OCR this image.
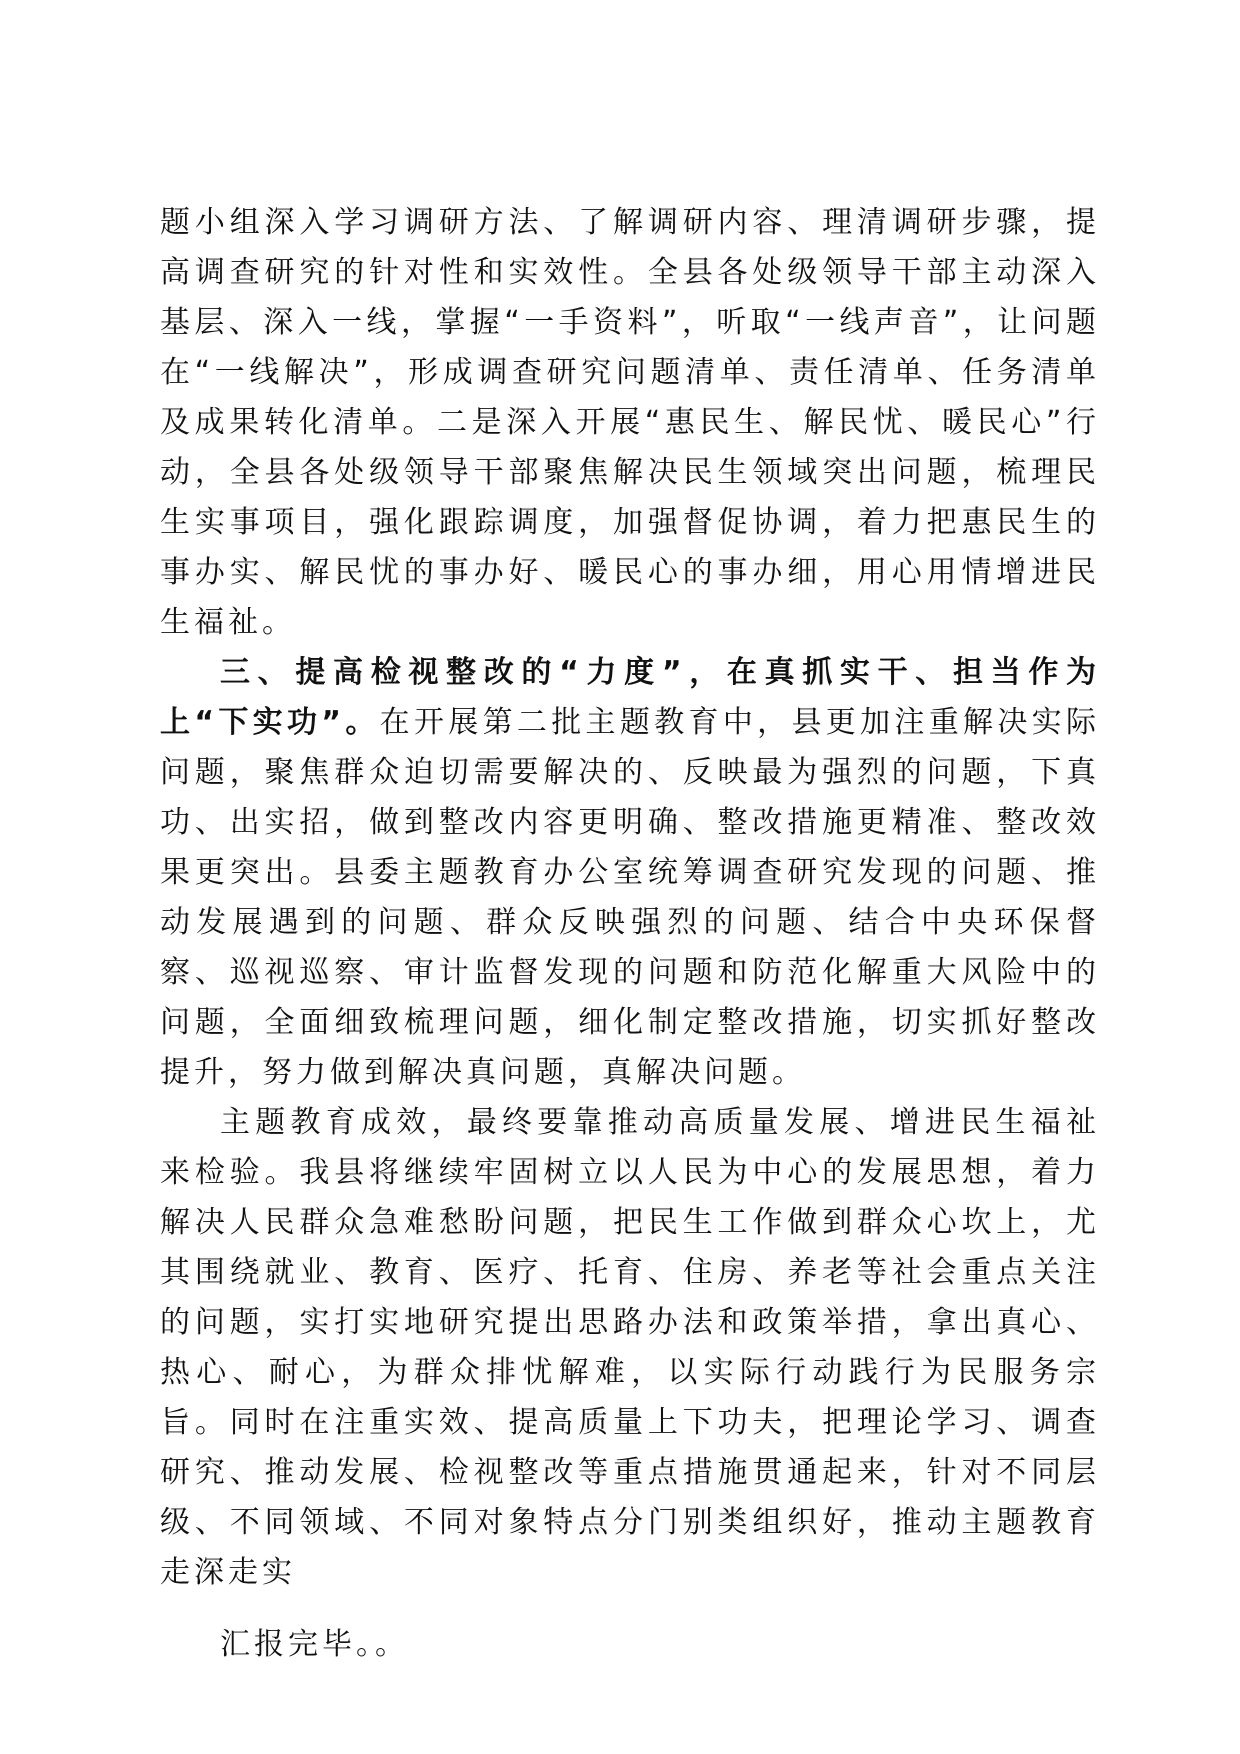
题小组深入学习调研方法、了解调研内容、理清调研步骤，提高调查研究的针对性和实效性。全县各处级领导干部主动深入基层、深入一线，掌握“一手资料”，听取“一线声音”，让问题在“一线解决”，形成调查研究问题清单、责任清单、任务清单及成果转化清单。二是深入开展“惠民生、解民忧、暖民心”行动，全县各处级领导干部聚焦解决民生领域突出问题，梳理民生实事项目，强化跟踪调度，加强督促协调，着力把惠民生的事办实、解民忧的事办好、暖民心的事办细，用心用情增进民生福祉。

三、提高检视整改的“力度”，在真抓实干、担当作为上“下实功”。在开展第二批主题教育中，县更加注重解决实际问题，聚焦群众迫切需要解决的、反映最为强烈的问题，下真功、出实招，做到整改内容更明确、整改措施更精准、整改效果更突出。县委主题教育办公室统筹调查研究发现的问题、推动发展遇到的问题、群众反映强烈的问题、结合中央环保督察、巡视巡察、审计监督发现的问题和防范化解重大风险中的问题，全面细致梳理问题，细化制定整改措施，切实抓好整改提升，努力做到解决真问题，真解决问题。

主题教育成效，最终要靠推动高质量发展、增进民生福祉来检验。我县将继续牢固树立以人民为中心的发展思想，着力解决人民群众急难愁盼问题，把民生工作做到群众心坎上，尤其围绕就业、教育、医疗、托育、住房、养老等社会重点关注的问题，实打实地研究提出思路办法和政策举措，拿出真心、热心、耐心，为群众排忧解难，以实际行动践行为民服务宗旨。同时在注重实效、提高质量上下功夫，把理论学习、调查研究、推动发展、检视整改等重点措施贯通起来，针对不同层级、不同领域、不同对象特点分门别类组织好，推动主题教育走深走实

汇报完毕。。
